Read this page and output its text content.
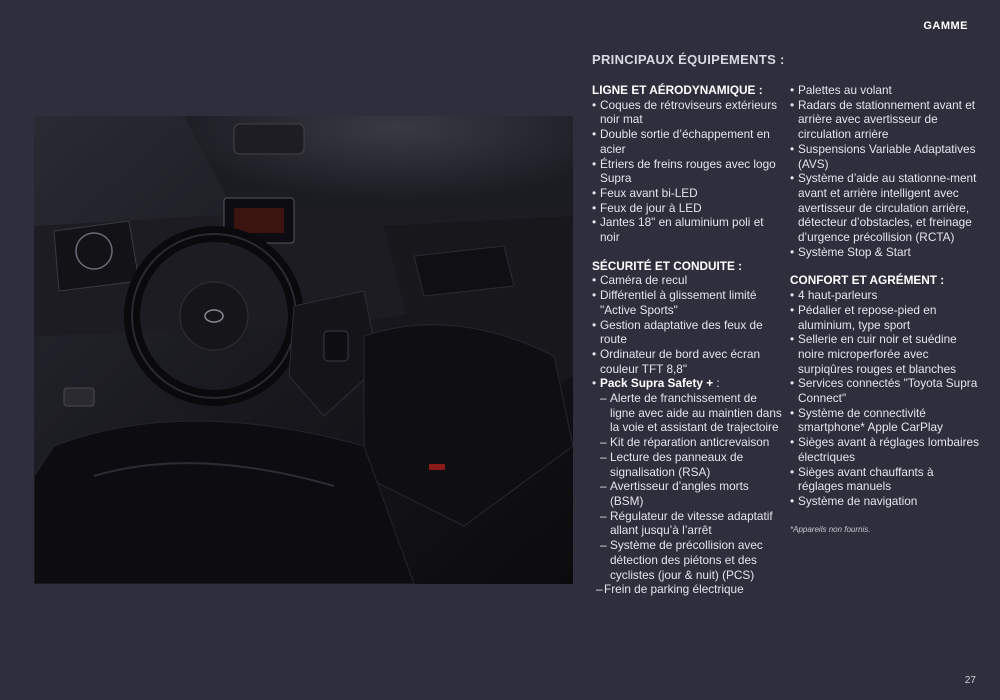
GAMME
PRINCIPAUX ÉQUIPEMENTS :

LIGNE ET AÉRODYNAMIQUE :

• Coques de rétroviseurs extérieurs noir mat
• Double sortie d’échappement en acier
• Étriers de freins rouges avec logo Supra
• Feux avant bi-LED
• Feux de jour à LED
• Jantes 18" en aluminium poli et noir

SÉCURITÉ ET CONDUITE :

• Caméra de recul
• Différentiel à glissement limité "Active Sports"
• Gestion adaptative des feux de route
• Ordinateur de bord avec écran couleur TFT 8,8"
• Pack Supra Safety + :
– Alerte de franchissement de ligne avec aide au maintien dans la voie et assistant de trajectoire
– Kit de réparation anticrevaison
– Lecture des panneaux de signalisation (RSA)
– Avertisseur d’angles morts (BSM)
– Régulateur de vitesse adaptatif allant jusqu’à l’arrêt
– Système de précollision avec détection des piétons et des cyclistes (jour & nuit) (PCS)
– Frein de parking électrique
• Palettes au volant
• Radars de stationnement avant et arrière avec avertisseur de circulation arrière
• Suspensions Variable Adaptatives (AVS)
• Système d’aide au stationne-ment avant et arrière intelligent avec avertisseur de circulation arrière, détecteur d’obstacles, et freinage d’urgence précollision (RCTA)
• Système Stop & Start

CONFORT ET AGRÉMENT :

• 4 haut-parleurs
• Pédalier et repose-pied en aluminium, type sport
• Sellerie en cuir noir et suédine noire microperforée avec surpiqûres rouges et blanches
• Services connectés "Toyota Supra Connect"
• Système de connectivité smartphone* Apple CarPlay
• Sièges avant à réglages lombaires électriques
• Sièges avant chauffants à réglages manuels
• Système de navigation
*Appareils non fournis.
27
